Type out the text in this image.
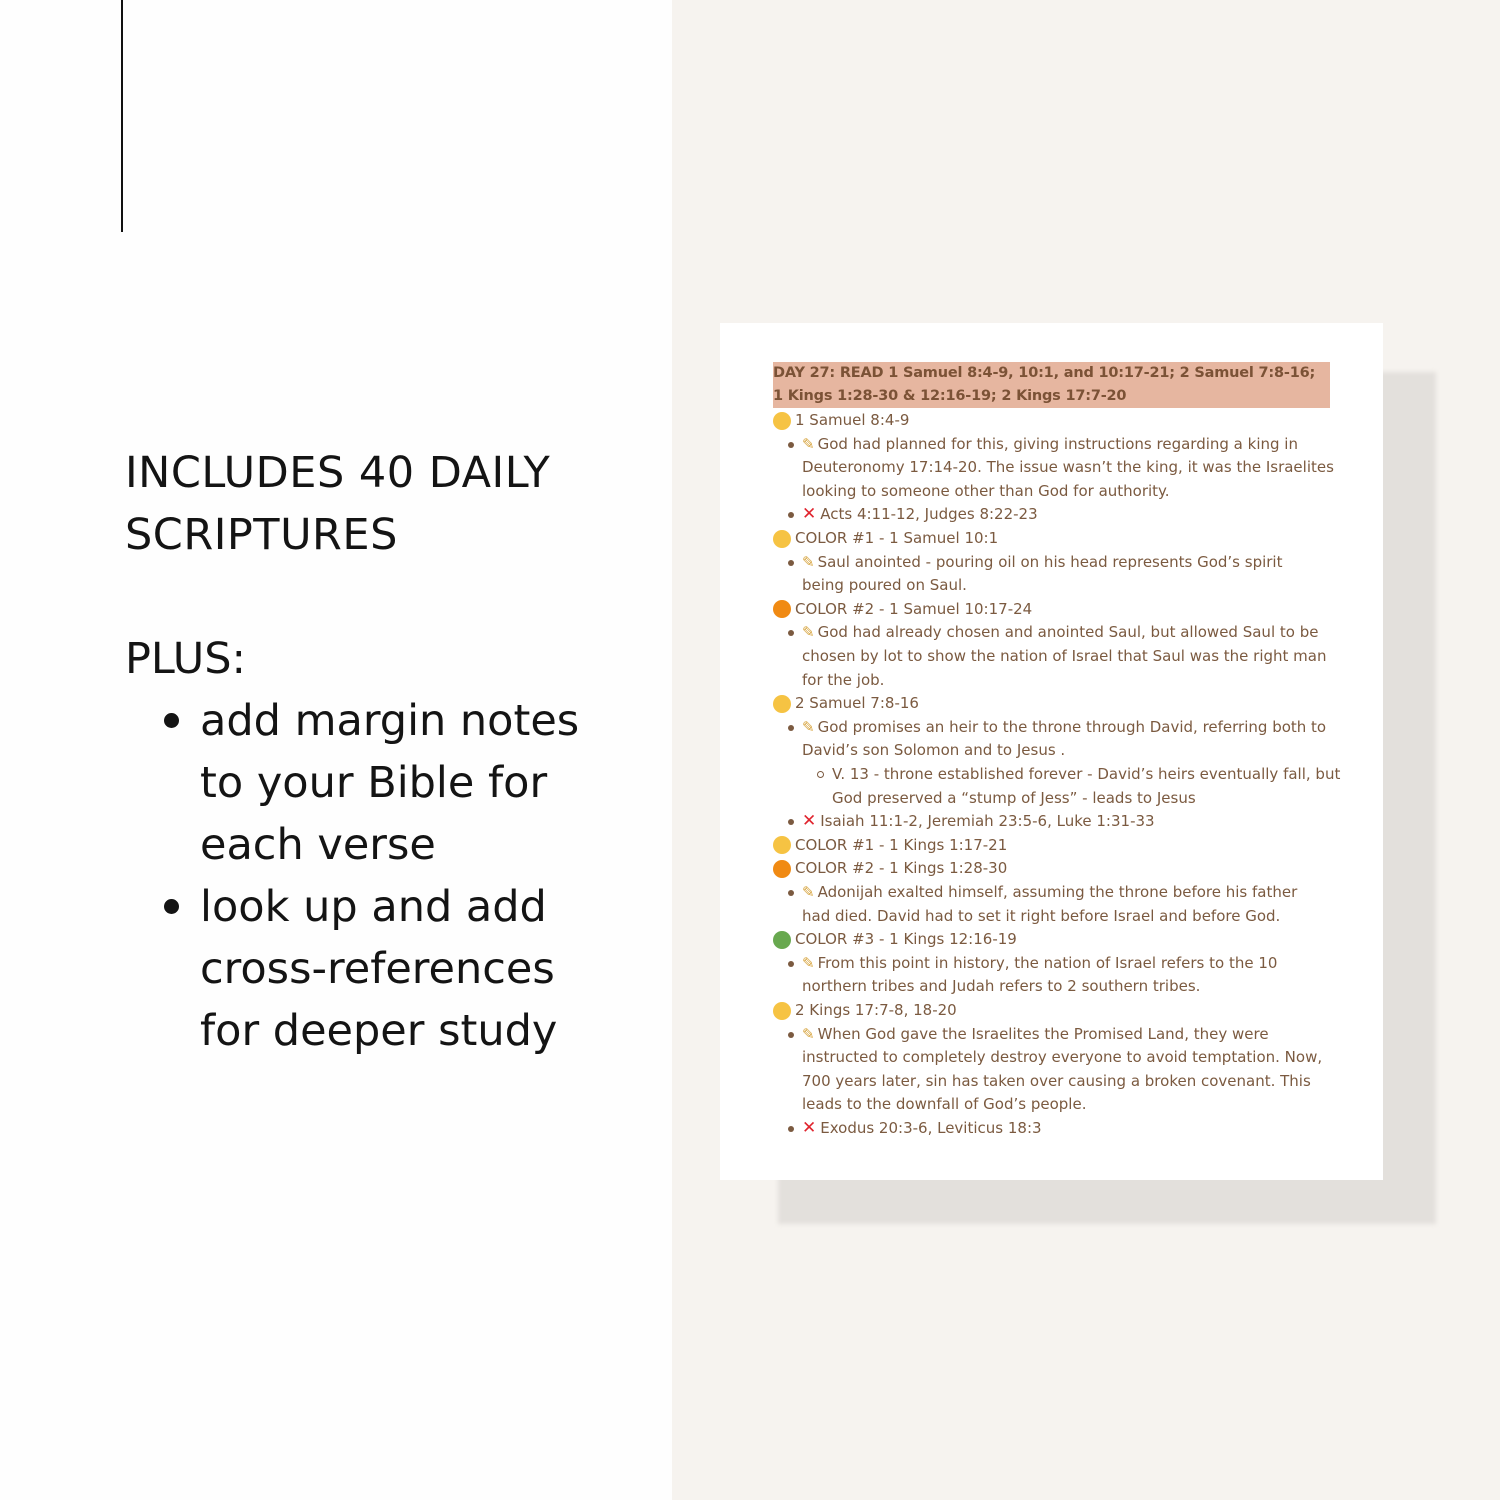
INCLUDES 40 DAILY
SCRIPTURES
PLUS:
add margin notes
to your Bible for
each verse
look up and add
cross-references
for deeper study
DAY 27: READ 1 Samuel 8:4-9, 10:1, and 10:17-21; 2 Samuel 7:8-16;
1 Kings 1:28-30 & 12:16-19; 2 Kings 17:7-20
1 Samuel 8:4-9
✎ God had planned for this, giving instructions regarding a king in
Deuteronomy 17:14-20. The issue wasn’t the king, it was the Israelites
looking to someone other than God for authority.
✕ Acts 4:11-12, Judges 8:22-23
COLOR #1 - 1 Samuel 10:1
✎ Saul anointed - pouring oil on his head represents God’s spirit
being poured on Saul.
COLOR #2 - 1 Samuel 10:17-24
✎ God had already chosen and anointed Saul, but allowed Saul to be
chosen by lot to show the nation of Israel that Saul was the right man
for the job.
2 Samuel 7:8-16
✎ God promises an heir to the throne through David, referring both to
David’s son Solomon and to Jesus .
V. 13 - throne established forever - David’s heirs eventually fall, but
God preserved a “stump of Jess” - leads to Jesus
✕ Isaiah 11:1-2, Jeremiah 23:5-6, Luke 1:31-33
COLOR #1 - 1 Kings 1:17-21
COLOR #2 - 1 Kings 1:28-30
✎ Adonijah exalted himself, assuming the throne before his father
had died. David had to set it right before Israel and before God.
COLOR #3 - 1 Kings 12:16-19
✎ From this point in history, the nation of Israel refers to the 10
northern tribes and Judah refers to 2 southern tribes.
2 Kings 17:7-8, 18-20
✎ When God gave the Israelites the Promised Land, they were
instructed to completely destroy everyone to avoid temptation. Now,
700 years later, sin has taken over causing a broken covenant. This
leads to the downfall of God’s people.
✕ Exodus 20:3-6, Leviticus 18:3
